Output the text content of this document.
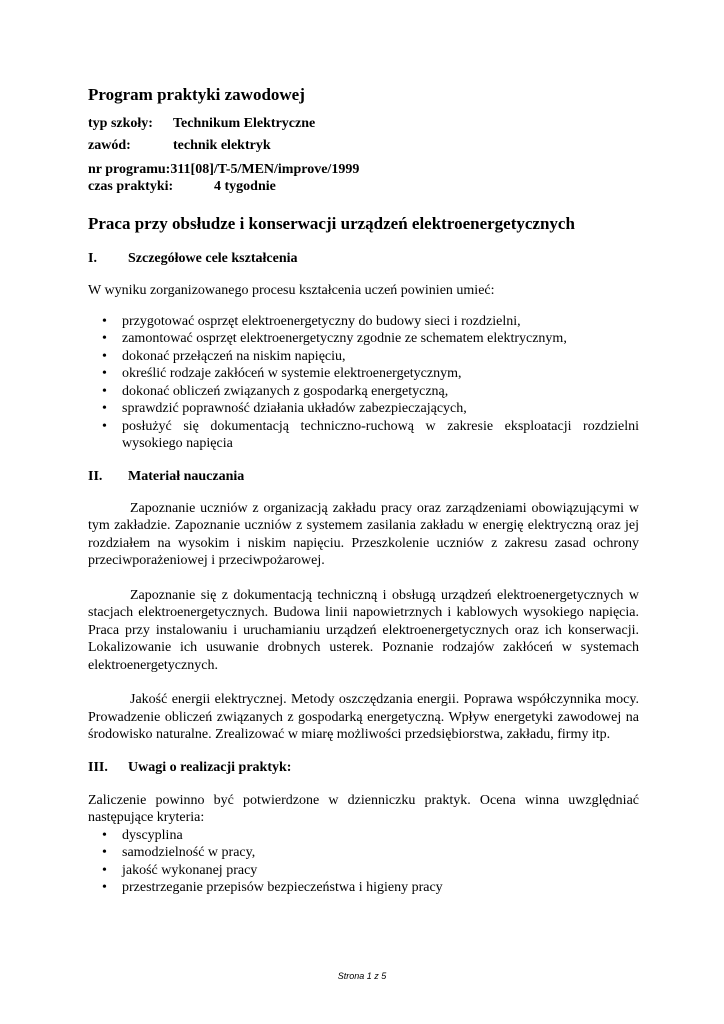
Program praktyki zawodowej
typ szkoły: Technikum Elektryczne
zawód:	technik elektryk
nr programu:311[08]/T-5/MEN/improve/1999
czas praktyki:	4 tygodnie
Praca przy obsłudze i konserwacji urządzeń elektroenergetycznych
I. Szczegółowe cele kształcenia

W wyniku zorganizowanego procesu kształcenia uczeń powinien umieć:

• przygotować osprzęt elektroenergetyczny do budowy sieci i rozdzielni,
• zamontować osprzęt elektroenergetyczny zgodnie ze schematem elektrycznym,
• dokonać przełączeń na niskim napięciu,
• określić rodzaje zakłóceń w systemie elektroenergetycznym,
• dokonać obliczeń związanych z gospodarką energetyczną,
• sprawdzić poprawność działania układów zabezpieczających,
• posłużyć się dokumentacją techniczno-ruchową w zakresie eksploatacji rozdzielni wysokiego napięcia
II. Materiał nauczania

Zapoznanie uczniów z organizacją zakładu pracy oraz zarządzeniami obowiązującymi w tym zakładzie. Zapoznanie uczniów z systemem zasilania zakładu w energię elektryczną oraz jej rozdziałem na wysokim i niskim napięciu. Przeszkolenie uczniów z zakresu zasad ochrony przeciwporażeniowej i przeciwpożarowej.

Zapoznanie się z dokumentacją techniczną i obsługą urządzeń elektroenergetycznych w stacjach elektroenergetycznych. Budowa linii napowietrznych i kablowych wysokiego napięcia. Praca przy instalowaniu i uruchamianiu urządzeń elektroenergetycznych oraz ich konserwacji. Lokalizowanie ich usuwanie drobnych usterek. Poznanie rodzajów zakłóceń w systemach elektroenergetycznych.

Jakość energii elektrycznej. Metody oszczędzania energii. Poprawa współczynnika mocy. Prowadzenie obliczeń związanych z gospodarką energetyczną. Wpływ energetyki zawodowej na środowisko naturalne. Zrealizować w miarę możliwości przedsiębiorstwa, zakładu, firmy itp.

III. Uwagi o realizacji praktyk:

Zaliczenie powinno być potwierdzone w dzienniczku praktyk. Ocena winna uwzględniać następujące kryteria:

• dyscyplina
• samodzielność w pracy,
• jakość wykonanej pracy
• przestrzeganie przepisów bezpieczeństwa i higieny pracy
Strona 1 z 5
